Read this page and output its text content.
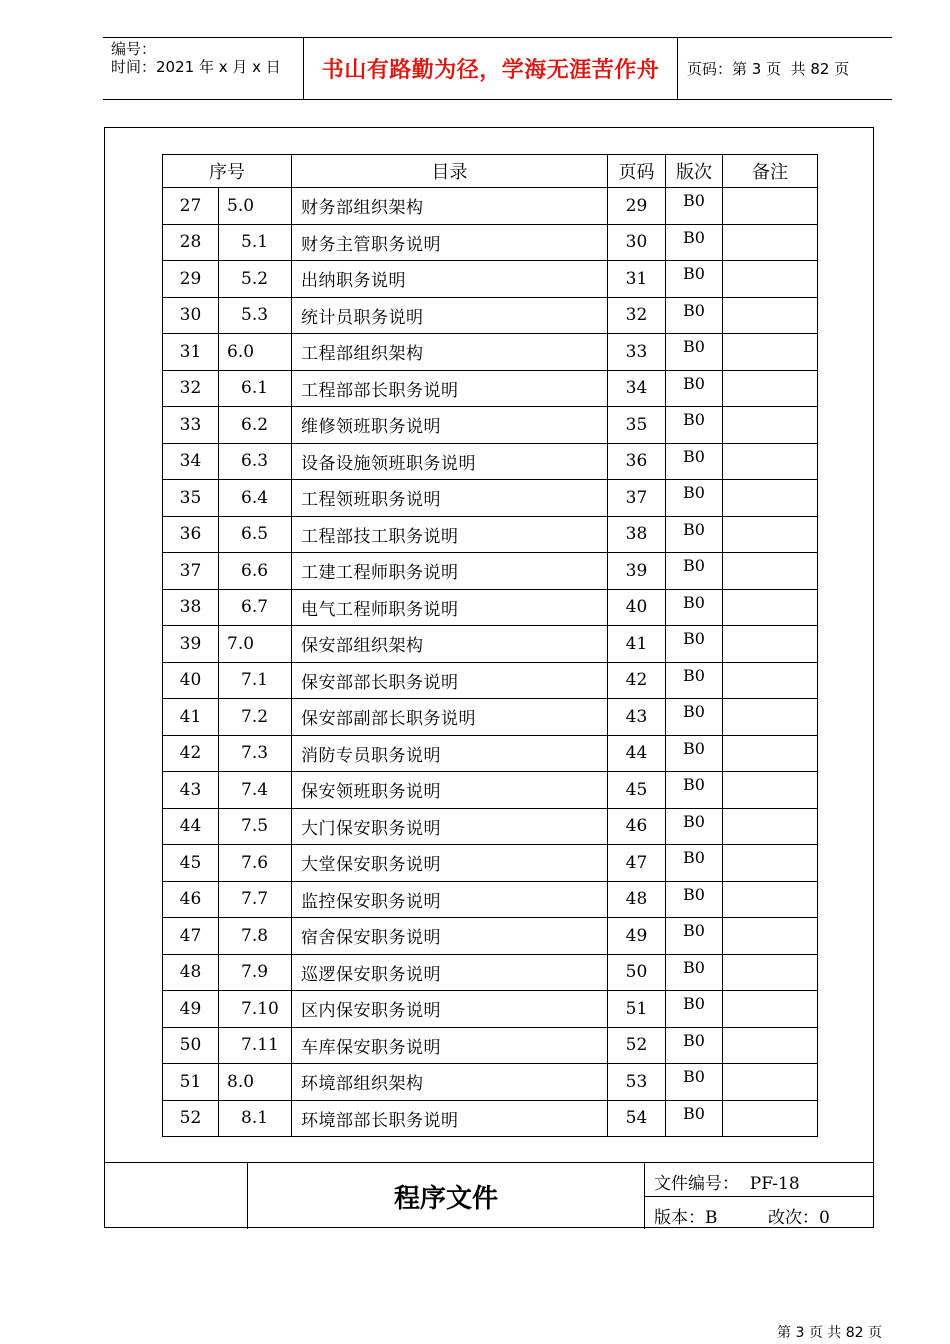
编号：
时间：2021 年 x 月 x 日	书山有路勤为径，学海无涯苦作舟	页码：第 3 页  共 82 页
序号		目录	页码	版次	备注
27	5.0	财务部组织架构	29	B0	
28	5.1	财务主管职务说明	30	B0	
29	5.2	出纳职务说明	31	B0	
30	5.3	统计员职务说明	32	B0	
31	6.0	工程部组织架构	33	B0	
32	6.1	工程部部长职务说明	34	B0	
33	6.2	维修领班职务说明	35	B0	
34	6.3	设备设施领班职务说明	36	B0	
35	6.4	工程领班职务说明	37	B0	
36	6.5	工程部技工职务说明	38	B0	
37	6.6	工建工程师职务说明	39	B0	
38	6.7	电气工程师职务说明	40	B0	
39	7.0	保安部组织架构	41	B0	
40	7.1	保安部部长职务说明	42	B0	
41	7.2	保安部副部长职务说明	43	B0	
42	7.3	消防专员职务说明	44	B0	
43	7.4	保安领班职务说明	45	B0	
44	7.5	大门保安职务说明	46	B0	
45	7.6	大堂保安职务说明	47	B0	
46	7.7	监控保安职务说明	48	B0	
47	7.8	宿舍保安职务说明	49	B0	
48	7.9	巡逻保安职务说明	50	B0	
49	7.10	区内保安职务说明	51	B0	
50	7.11	车库保安职务说明	52	B0	
51	8.0	环境部组织架构	53	B0	
52	8.1	环境部部长职务说明	54	B0	
程序文件	文件编号：  PF-18
版本：B	改次：0
第 3 页 共 82 页
